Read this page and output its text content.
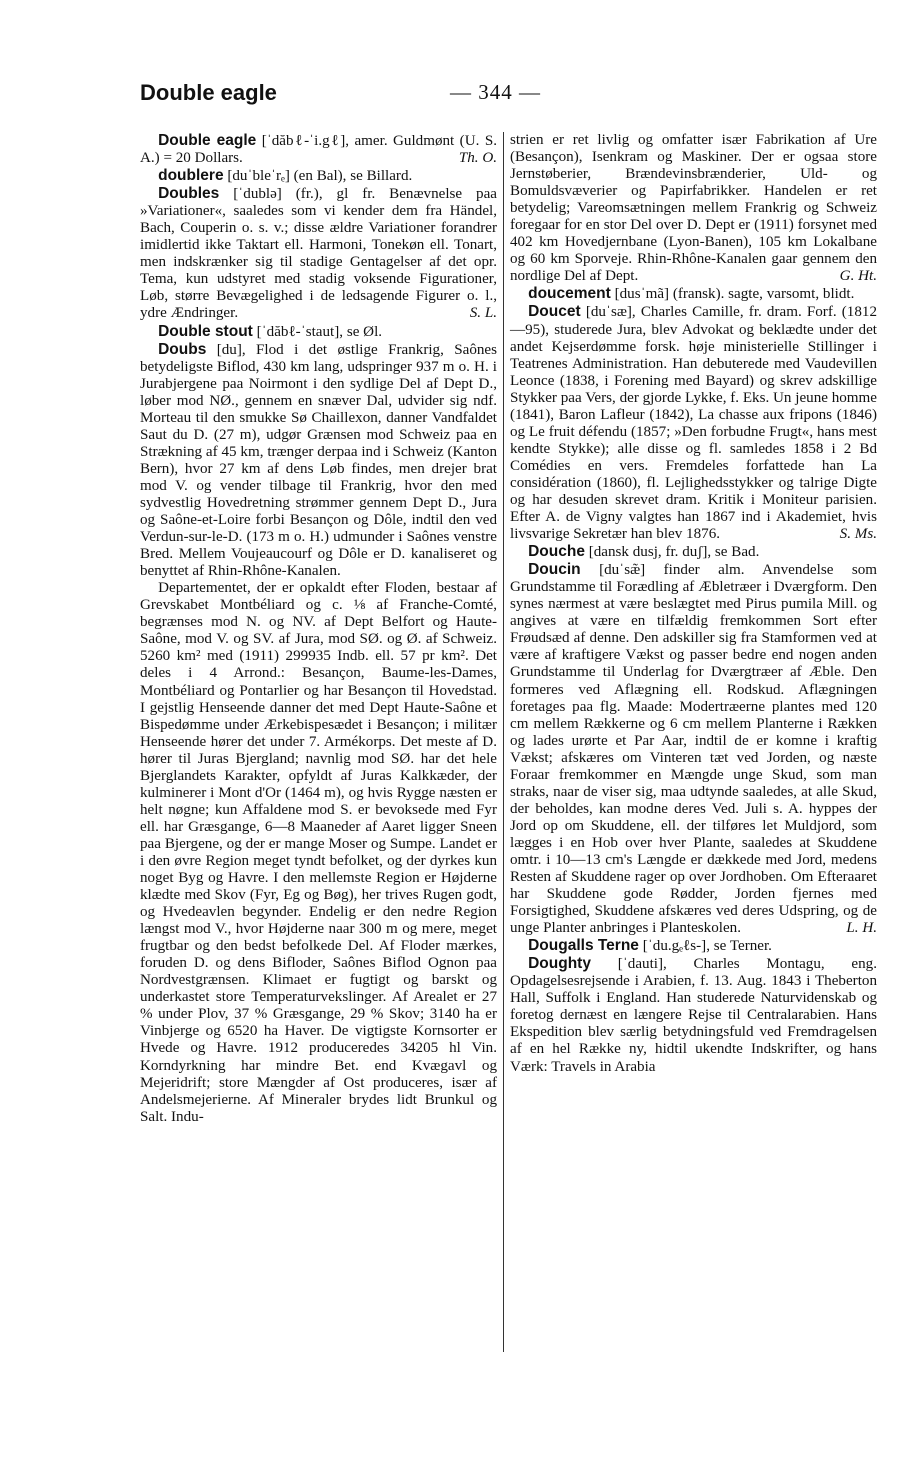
Double eagle	— 344 —

Double eagle [ˈdăbℓ-ˈi.gℓ], amer. Guldmønt (U. S. A.) = 20 Dollars.	Th. O.

doublere [duˈbleˈrₑ] (en Bal), se Billard.

Doubles [ˈdublə] (fr.), gl fr. Benævnelse paa »Variationer«, saaledes som vi kender dem fra Händel, Bach, Couperin o. s. v.; disse ældre Variationer forandrer imidlertid ikke Taktart ell. Harmoni, Tonekøn ell. Tonart, men indskrænker sig til stadige Gentagelser af det opr. Tema, kun udstyret med stadig voksende Figurationer, Løb, større Bevægelighed i de ledsagende Figurer o. l., ydre Ændringer.	S. L.

Double stout [ˈdăbℓ-ˈstaut], se Øl.

Doubs [du], Flod i det østlige Frankrig, Saônes betydeligste Biflod, 430 km lang, udspringer 937 m o. H. i Jurabjergene paa Noirmont i den sydlige Del af Dept D., løber mod NØ., gennem en snæver Dal, udvider sig ndf. Morteau til den smukke Sø Chaillexon, danner Vandfaldet Saut du D. (27 m), udgør Grænsen mod Schweiz paa en Strækning af 45 km, trænger derpaa ind i Schweiz (Kanton Bern), hvor 27 km af dens Løb findes, men drejer brat mod V. og vender tilbage til Frankrig, hvor den med sydvestlig Hovedretning strømmer gennem Dept D., Jura og Saône-et-Loire forbi Besançon og Dôle, indtil den ved Verdun-sur-le-D. (173 m o. H.) udmunder i Saônes venstre Bred. Mellem Voujeaucourf og Dôle er D. kanaliseret og benyttet af Rhin-Rhône-Kanalen.

Departementet, der er opkaldt efter Floden, bestaar af Grevskabet Montbéliard og c. ⅛ af Franche-Comté, begrænses mod N. og NV. af Dept Belfort og Haute-Saône, mod V. og SV. af Jura, mod SØ. og Ø. af Schweiz. 5260 km² med (1911) 299935 Indb. ell. 57 pr km². Det deles i 4 Arrond.: Besançon, Baume-les-Dames, Montbéliard og Pontarlier og har Besançon til Hovedstad. I gejstlig Henseende danner det med Dept Haute-Saône et Bispedømme under Ærkebispesædet i Besançon; i militær Henseende hører det under 7. Armékorps. Det meste af D. hører til Juras Bjergland; navnlig mod SØ. har det hele Bjerglandets Karakter, opfyldt af Juras Kalkkæder, der kulminerer i Mont d'Or (1464 m), og hvis Rygge næsten er helt nøgne; kun Affaldene mod S. er bevoksede med Fyr ell. har Græsgange, 6—8 Maaneder af Aaret ligger Sneen paa Bjergene, og der er mange Moser og Sumpe. Landet er i den øvre Region meget tyndt befolket, og der dyrkes kun noget Byg og Havre. I den mellemste Region er Højderne klædte med Skov (Fyr, Eg og Bøg), her trives Rugen godt, og Hvedeavlen begynder. Endelig er den nedre Region længst mod V., hvor Højderne naar 300 m og mere, meget frugtbar og den bedst befolkede Del. Af Floder mærkes, foruden D. og dens Bifloder, Saônes Biflod Ognon paa Nordvestgrænsen. Klimaet er fugtigt og barskt og underkastet store Temperaturvekslinger. Af Arealet er 27 % under Plov, 37 % Græsgange, 29 % Skov; 3140 ha er Vinbjerge og 6520 ha Haver. De vigtigste Kornsorter er Hvede og Havre. 1912 produceredes 34205 hl Vin. Korndyrkning har mindre Bet. end Kvægavl og Mejeridrift; store Mængder af Ost produceres, især af Andelsmejerierne. Af Mineraler brydes lidt Brunkul og Salt. Indu-

strien er ret livlig og omfatter især Fabrikation af Ure (Besançon), Isenkram og Maskiner. Der er ogsaa store Jernstøberier, Brændevinsbrænderier, Uld- og Bomuldsvæverier og Papirfabrikker. Handelen er ret betydelig; Vareomsætningen mellem Frankrig og Schweiz foregaar for en stor Del over D. Dept er (1911) forsynet med 402 km Hovedjernbane (Lyon-Banen), 105 km Lokalbane og 60 km Sporveje. Rhin-Rhône-Kanalen gaar gennem den nordlige Del af Dept.	G. Ht.

doucement [dusˈmã] (fransk). sagte, varsomt, blidt.

Doucet [duˈsæ], Charles Camille, fr. dram. Forf. (1812—95), studerede Jura, blev Advokat og beklædte under det andet Kejserdømme forsk. høje ministerielle Stillinger i Teatrenes Administration. Han debuterede med Vaudevillen Leonce (1838, i Forening med Bayard) og skrev adskillige Stykker paa Vers, der gjorde Lykke, f. Eks. Un jeune homme (1841), Baron Lafleur (1842), La chasse aux fripons (1846) og Le fruit défendu (1857; »Den forbudne Frugt«, hans mest kendte Stykke); alle disse og fl. samledes 1858 i 2 Bd Comédies en vers. Fremdeles forfattede han La considération (1860), fl. Lejlighedsstykker og talrige Digte og har desuden skrevet dram. Kritik i Moniteur parisien. Efter A. de Vigny valgtes han 1867 ind i Akademiet, hvis livsvarige Sekretær han blev 1876.	S. Ms.

Douche [dansk dusj, fr. duʃ], se Bad.

Doucin [duˈsæ̃] finder alm. Anvendelse som Grundstamme til Forædling af Æbletræer i Dværgform. Den synes nærmest at være beslægtet med Pirus pumila Mill. og angives at være en tilfældig fremkommen Sort efter Frøudsæd af denne. Den adskiller sig fra Stamformen ved at være af kraftigere Vækst og passer bedre end nogen anden Grundstamme til Underlag for Dværgtræer af Æble. Den formeres ved Aflægning ell. Rodskud. Aflægningen foretages paa flg. Maade: Modertræerne plantes med 120 cm mellem Rækkerne og 6 cm mellem Planterne i Rækken og lades urørte et Par Aar, indtil de er komne i kraftig Vækst; afskæres om Vinteren tæt ved Jorden, og næste Foraar fremkommer en Mængde unge Skud, som man straks, naar de viser sig, maa udtynde saaledes, at alle Skud, der beholdes, kan modne deres Ved. Juli s. A. hyppes der Jord op om Skuddene, ell. der tilføres let Muldjord, som lægges i en Hob over hver Plante, saaledes at Skuddene omtr. i 10—13 cm's Længde er dækkede med Jord, medens Resten af Skuddene rager op over Jordhoben. Om Efteraaret har Skuddene gode Rødder, Jorden fjernes med Forsigtighed, Skuddene afskæres ved deres Udspring, og de unge Planter anbringes i Planteskolen.	L. H.

Dougalls Terne [ˈdu.gₑℓs-], se Terner.

Doughty [ˈdauti], Charles Montagu, eng. Opdagelsesrejsende i Arabien, f. 13. Aug. 1843 i Theberton Hall, Suffolk i England. Han studerede Naturvidenskab og foretog dernæst en længere Rejse til Centralarabien. Hans Ekspedition blev særlig betydningsfuld ved Fremdragelsen af en hel Række ny, hidtil ukendte Indskrifter, og hans Værk: Travels in Arabia
